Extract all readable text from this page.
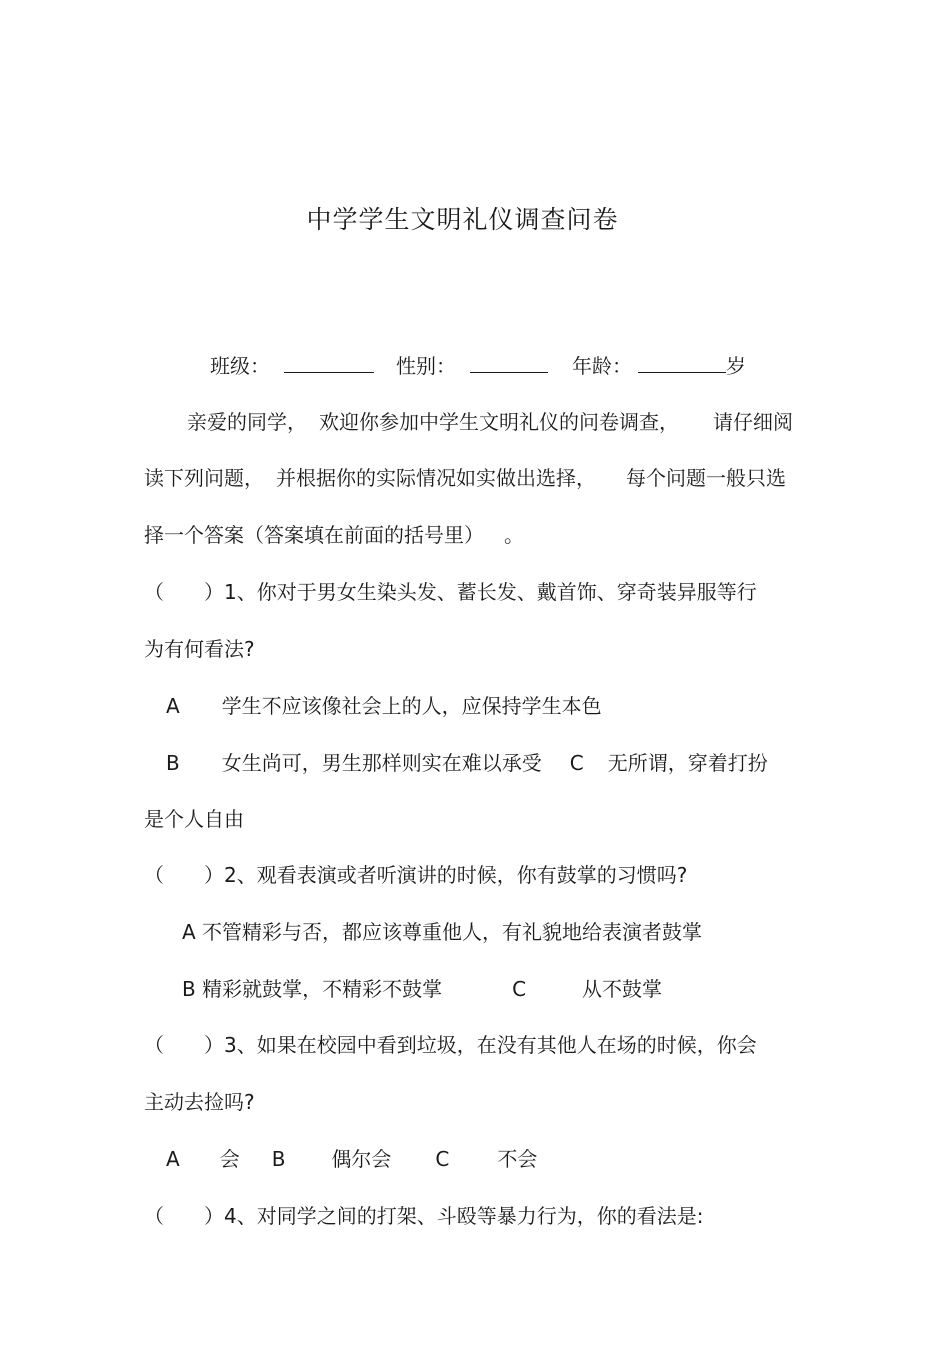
中学学生文明礼仪调查问卷
班级：	性别：	年龄：	岁
亲爱的同学， 欢迎你参加中学生文明礼仪的问卷调查， 请仔细阅
读下列问题， 并根据你的实际情况如实做出选择， 每个问题一般只选
择一个答案（答案填在前面的括号里） 。
（　　）1、你对于男女生染头发、蓄长发、戴首饰、穿奇装异服等行
为有何看法?
A 学生不应该像社会上的人，应保持学生本色
B 女生尚可，男生那样则实在难以承受 C 无所谓，穿着打扮
是个人自由
（　　）2、观看表演或者听演讲的时候，你有鼓掌的习惯吗?
A 不管精彩与否，都应该尊重他人，有礼貌地给表演者鼓掌
B 精彩就鼓掌，不精彩不鼓掌	C	从不鼓掌
（　　）3、如果在校园中看到垃圾，在没有其他人在场的时候，你会
主动去捡吗?
A 会 B 偶尔会 C 不会
（　　）4、对同学之间的打架、斗殴等暴力行为，你的看法是:
